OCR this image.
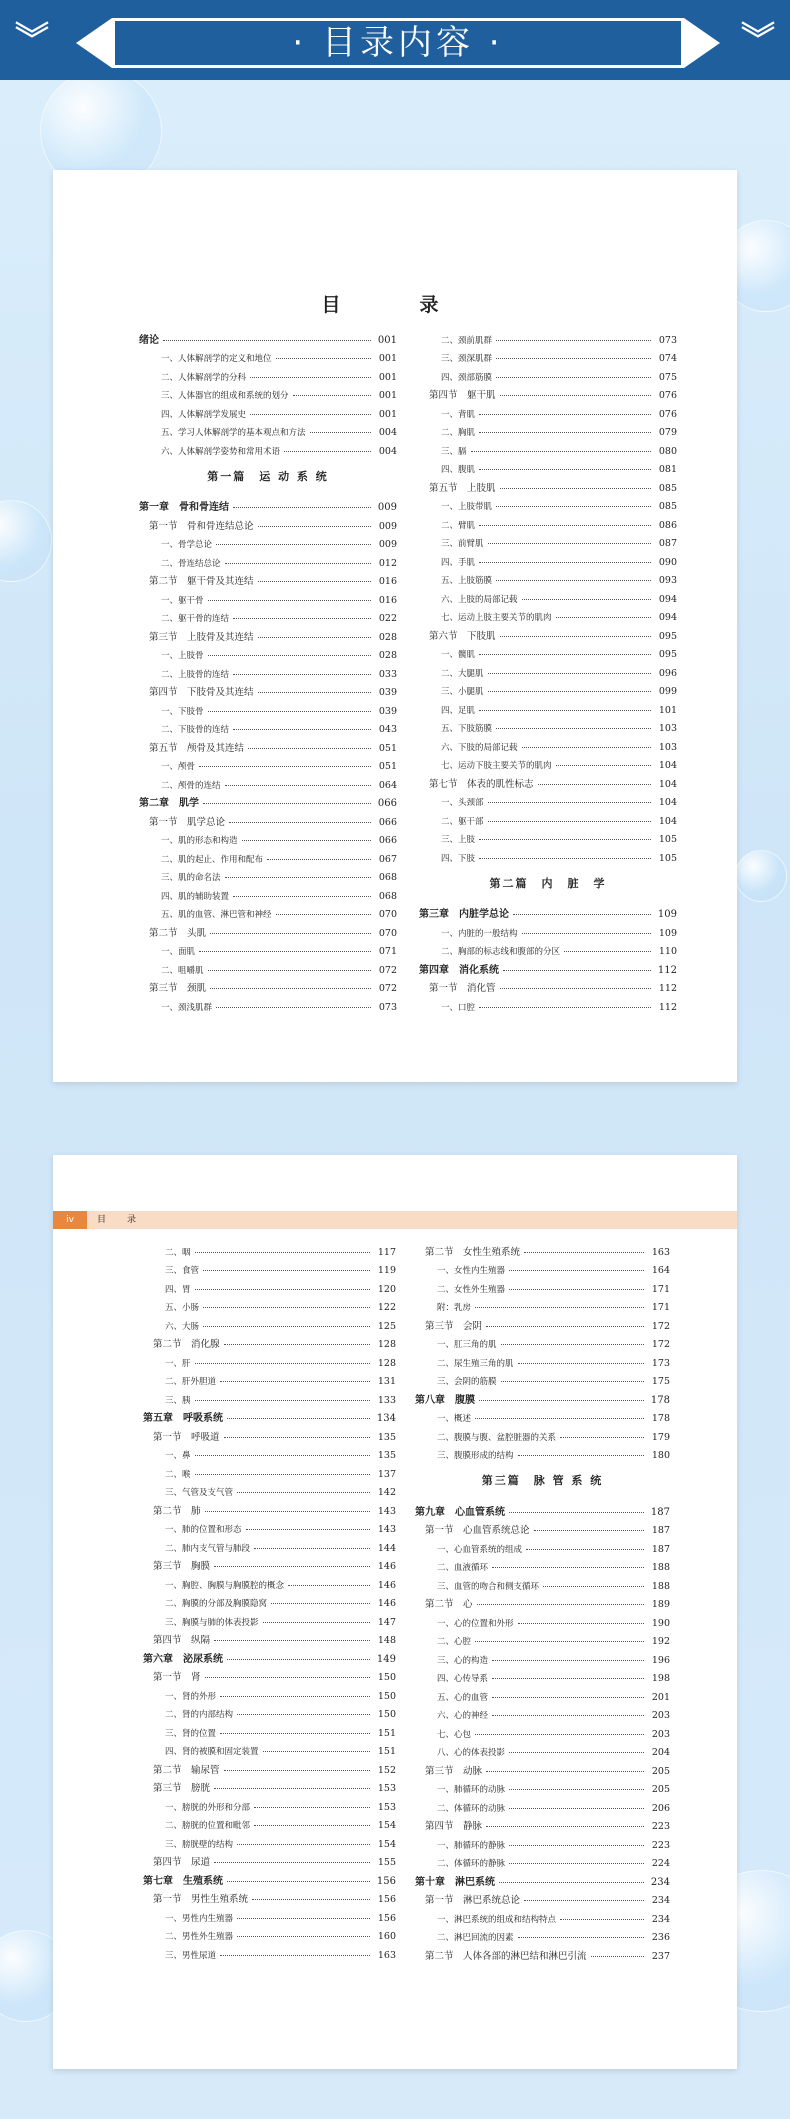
︾	· 目录内容 ·	︾
目　录
绪论	001
一、人体解剖学的定义和地位	001
二、人体解剖学的分科	001
三、人体器官的组成和系统的划分	001
四、人体解剖学发展史	001
五、学习人体解剖学的基本观点和方法	004
六、人体解剖学姿势和常用术语	004
第一篇　运 动 系 统
第一章　骨和骨连结	009
第一节　骨和骨连结总论	009
一、骨学总论	009
二、骨连结总论	012
第二节　躯干骨及其连结	016
一、躯干骨	016
二、躯干骨的连结	022
第三节　上肢骨及其连结	028
一、上肢骨	028
二、上肢骨的连结	033
第四节　下肢骨及其连结	039
一、下肢骨	039
二、下肢骨的连结	043
第五节　颅骨及其连结	051
一、颅骨	051
二、颅骨的连结	064
第二章　肌学	066
第一节　肌学总论	066
一、肌的形态和构造	066
二、肌的起止、作用和配布	067
三、肌的命名法	068
四、肌的辅助装置	068
五、肌的血管、淋巴管和神经	070
第二节　头肌	070
一、面肌	071
二、咀嚼肌	072
第三节　颈肌	072
一、颈浅肌群	073
二、颈前肌群	073
三、颈深肌群	074
四、颈部筋膜	075
第四节　躯干肌	076
一、背肌	076
二、胸肌	079
三、膈	080
四、腹肌	081
第五节　上肢肌	085
一、上肢带肌	085
二、臂肌	086
三、前臂肌	087
四、手肌	090
五、上肢筋膜	093
六、上肢的局部记载	094
七、运动上肢主要关节的肌肉	094
第六节　下肢肌	095
一、髋肌	095
二、大腿肌	096
三、小腿肌	099
四、足肌	101
五、下肢筋膜	103
六、下肢的局部记载	103
七、运动下肢主要关节的肌肉	104
第七节　体表的肌性标志	104
一、头颈部	104
二、躯干部	104
三、上肢	105
四、下肢	105
第二篇　内　脏　学
第三章　内脏学总论	109
一、内脏的一般结构	109
二、胸部的标志线和腹部的分区	110
第四章　消化系统	112
第一节　消化管	112
一、口腔	112
iv	目　录
二、咽	117
三、食管	119
四、胃	120
五、小肠	122
六、大肠	125
第二节　消化腺	128
一、肝	128
二、肝外胆道	131
三、胰	133
第五章　呼吸系统	134
第一节　呼吸道	135
一、鼻	135
二、喉	137
三、气管及支气管	142
第二节　肺	143
一、肺的位置和形态	143
二、肺内支气管与肺段	144
第三节　胸膜	146
一、胸腔、胸膜与胸膜腔的概念	146
二、胸膜的分部及胸膜隐窝	146
三、胸膜与肺的体表投影	147
第四节　纵隔	148
第六章　泌尿系统	149
第一节　肾	150
一、肾的外形	150
二、肾的内部结构	150
三、肾的位置	151
四、肾的被膜和固定装置	151
第二节　输尿管	152
第三节　膀胱	153
一、膀胱的外形和分部	153
二、膀胱的位置和毗邻	154
三、膀胱壁的结构	154
第四节　尿道	155
第七章　生殖系统	156
第一节　男性生殖系统	156
一、男性内生殖器	156
二、男性外生殖器	160
三、男性尿道	163
第二节　女性生殖系统	163
一、女性内生殖器	164
二、女性外生殖器	171
附：乳房	171
第三节　会阴	172
一、肛三角的肌	172
二、尿生殖三角的肌	173
三、会阴的筋膜	175
第八章　腹膜	178
一、概述	178
二、腹膜与腹、盆腔脏器的关系	179
三、腹膜形成的结构	180
第三篇　脉 管 系 统
第九章　心血管系统	187
第一节　心血管系统总论	187
一、心血管系统的组成	187
二、血液循环	188
三、血管的吻合和侧支循环	188
第二节　心	189
一、心的位置和外形	190
二、心腔	192
三、心的构造	196
四、心传导系	198
五、心的血管	201
六、心的神经	203
七、心包	203
八、心的体表投影	204
第三节　动脉	205
一、肺循环的动脉	205
二、体循环的动脉	206
第四节　静脉	223
一、肺循环的静脉	223
二、体循环的静脉	224
第十章　淋巴系统	234
第一节　淋巴系统总论	234
一、淋巴系统的组成和结构特点	234
二、淋巴回流的因素	236
第二节　人体各部的淋巴结和淋巴引流	237
